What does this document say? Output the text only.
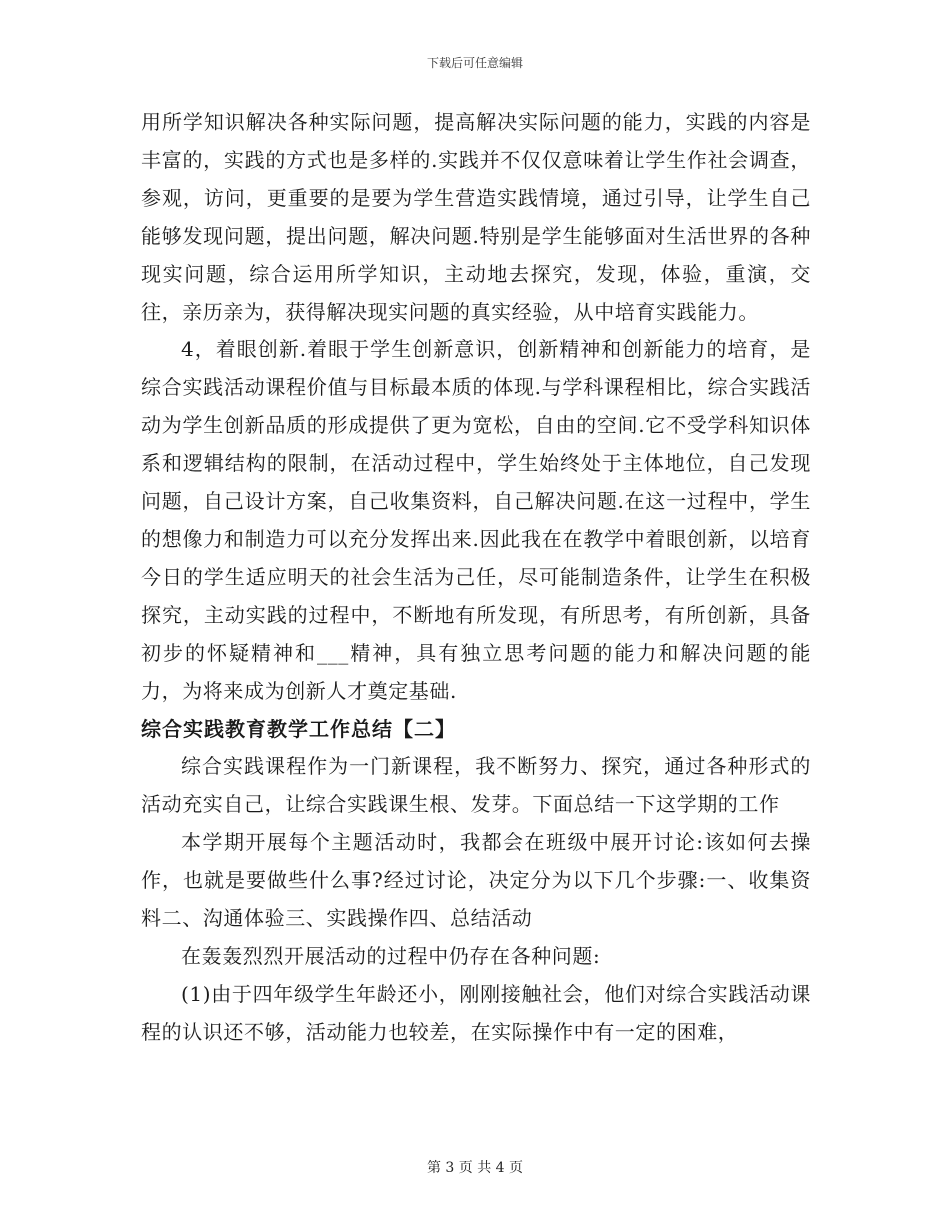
下载后可任意编辑

用所学知识解决各种实际问题，提高解决实际问题的能力，实践的内容是丰富的，实践的方式也是多样的.实践并不仅仅意味着让学生作社会调查，参观，访问，更重要的是要为学生营造实践情境，通过引导，让学生自己能够发现问题，提出问题，解决问题.特别是学生能够面对生活世界的各种现实问题，综合运用所学知识，主动地去探究，发现，体验，重演，交往，亲历亲为，获得解决现实问题的真实经验，从中培育实践能力。

4，着眼创新.着眼于学生创新意识，创新精神和创新能力的培育，是综合实践活动课程价值与目标最本质的体现.与学科课程相比，综合实践活动为学生创新品质的形成提供了更为宽松，自由的空间.它不受学科知识体系和逻辑结构的限制，在活动过程中，学生始终处于主体地位，自己发现问题，自己设计方案，自己收集资料，自己解决问题.在这一过程中，学生的想像力和制造力可以充分发挥出来.因此我在在教学中着眼创新，以培育今日的学生适应明天的社会生活为己任，尽可能制造条件，让学生在积极探究，主动实践的过程中，不断地有所发现，有所思考，有所创新，具备初步的怀疑精神和___精神，具有独立思考问题的能力和解决问题的能力，为将来成为创新人才奠定基础.

综合实践教育教学工作总结【二】

综合实践课程作为一门新课程，我不断努力、探究，通过各种形式的活动充实自己，让综合实践课生根、发芽。下面总结一下这学期的工作

本学期开展每个主题活动时，我都会在班级中展开讨论:该如何去操作，也就是要做些什么事?经过讨论，决定分为以下几个步骤:一、收集资料二、沟通体验三、实践操作四、总结活动

在轰轰烈烈开展活动的过程中仍存在各种问题:

(1)由于四年级学生年龄还小，刚刚接触社会，他们对综合实践活动课程的认识还不够，活动能力也较差，在实际操作中有一定的困难，

第 3 页 共 4 页
